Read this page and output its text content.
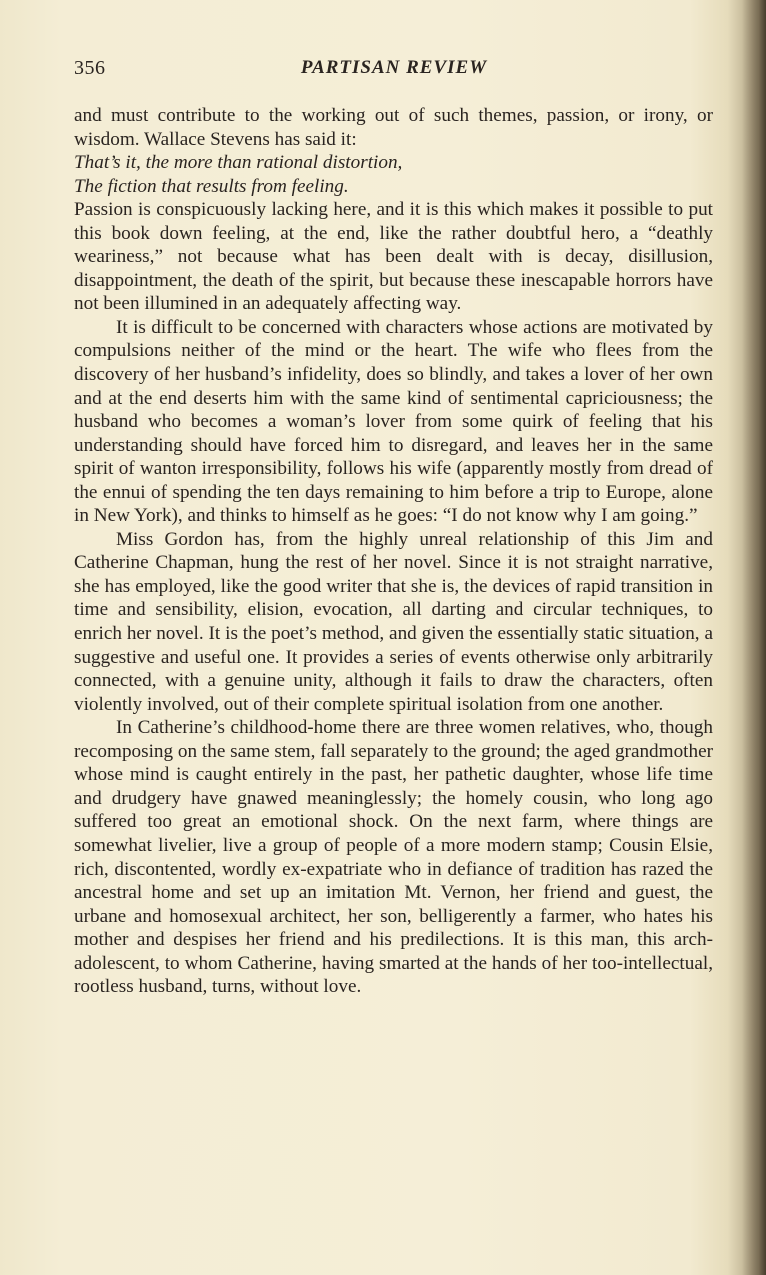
356	PARTISAN REVIEW

and must contribute to the working out of such themes, passion, or irony, or wisdom. Wallace Stevens has said it:

That’s it, the more than rational distortion,

The fiction that results from feeling.

Passion is conspicuously lacking here, and it is this which makes it possible to put this book down feeling, at the end, like the rather doubtful hero, a “deathly weariness,” not because what has been dealt with is decay, disillusion, disappointment, the death of the spirit, but because these inescapable horrors have not been illumined in an adequately affecting way.

It is difficult to be concerned with characters whose actions are motivated by compulsions neither of the mind or the heart. The wife who flees from the discovery of her husband’s infidelity, does so blindly, and takes a lover of her own and at the end deserts him with the same kind of sentimental capriciousness; the husband who becomes a woman’s lover from some quirk of feeling that his understanding should have forced him to disregard, and leaves her in the same spirit of wanton irresponsibility, follows his wife (apparently mostly from dread of the ennui of spending the ten days remaining to him before a trip to Europe, alone in New York), and thinks to himself as he goes: “I do not know why I am going.”

Miss Gordon has, from the highly unreal relationship of this Jim and Catherine Chapman, hung the rest of her novel. Since it is not straight narrative, she has employed, like the good writer that she is, the devices of rapid transition in time and sensibility, elision, evocation, all darting and circular techniques, to enrich her novel. It is the poet’s method, and given the essentially static situation, a suggestive and useful one. It provides a series of events otherwise only arbitrarily connected, with a genuine unity, although it fails to draw the characters, often violently involved, out of their complete spiritual isolation from one another.

In Catherine’s childhood-home there are three women relatives, who, though recomposing on the same stem, fall separately to the ground; the aged grandmother whose mind is caught entirely in the past, her pathetic daughter, whose life time and drudgery have gnawed meaninglessly; the homely cousin, who long ago suffered too great an emotional shock. On the next farm, where things are somewhat livelier, live a group of people of a more modern stamp; Cousin Elsie, rich, discontented, wordly ex-expatriate who in defiance of tradition has razed the ancestral home and set up an imitation Mt. Vernon, her friend and guest, the urbane and homosexual architect, her son, belligerently a farmer, who hates his mother and despises her friend and his predilections. It is this man, this arch-adolescent, to whom Catherine, having smarted at the hands of her too-intellectual, rootless husband, turns, without love.
